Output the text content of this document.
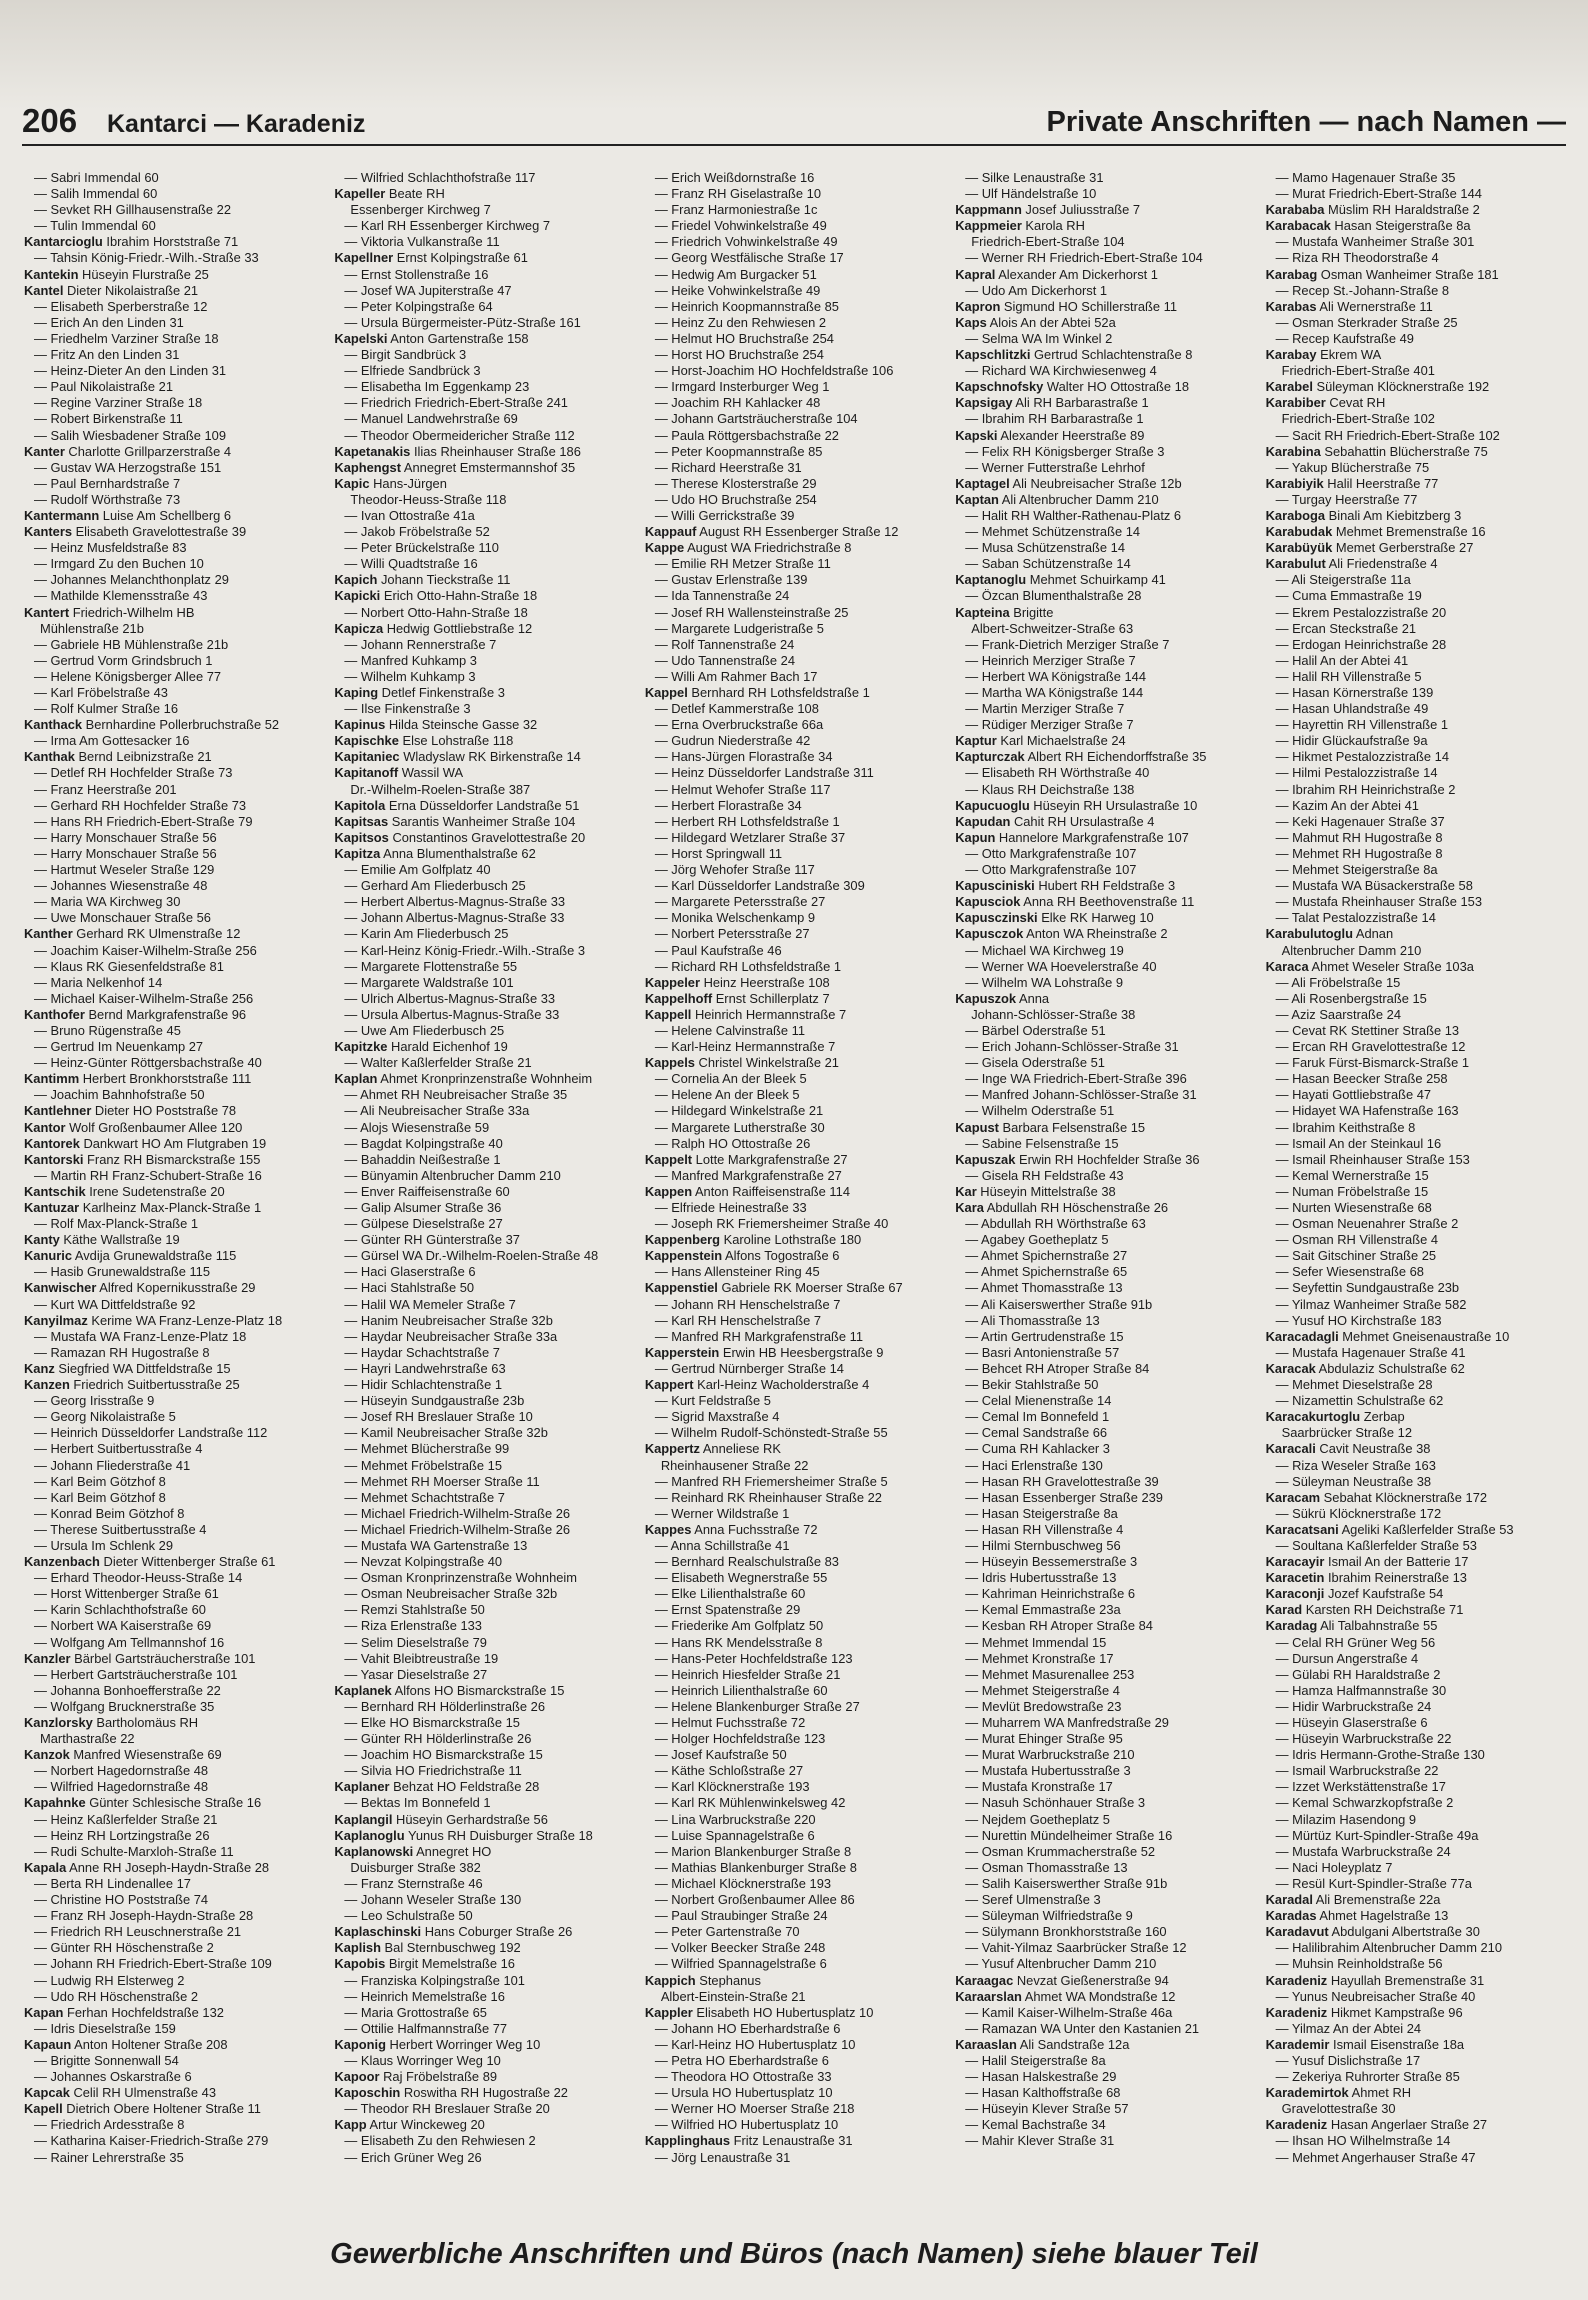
206 Kantarci — Karadeniz	Private Anschriften — nach Namen —
— Sabri Immendal 60
— Salih Immendal 60
— Sevket RH Gillhausenstraße 22
— Tulin Immendal 60
Kantarcioglu Ibrahim Horststraße 71
— Tahsin König-Friedr.-Wilh.-Straße 33
Kantekin Hüseyin Flurstraße 25
Kantel Dieter Nikolaistraße 21
— Elisabeth Sperberstraße 12
— Erich An den Linden 31
— Friedhelm Varziner Straße 18
— Fritz An den Linden 31
— Heinz-Dieter An den Linden 31
— Paul Nikolaistraße 21
— Regine Varziner Straße 18
— Robert Birkenstraße 11
— Salih Wiesbadener Straße 109
Kanter Charlotte Grillparzerstraße 4
— Gustav WA Herzogstraße 151
— Paul Bernhardstraße 7
— Rudolf Wörthstraße 73
Kantermann Luise Am Schellberg 6
Kanters Elisabeth Gravelottestraße 39
— Heinz Musfeldstraße 83
— Irmgard Zu den Buchen 10
— Johannes Melanchthonplatz 29
— Mathilde Klemensstraße 43
Kantert Friedrich-Wilhelm HB
Mühlenstraße 21b
— Gabriele HB Mühlenstraße 21b
— Gertrud Vorm Grindsbruch 1
— Helene Königsberger Allee 77
— Karl Fröbelstraße 43
— Rolf Kulmer Straße 16
Kanthack Bernhardine Pollerbruchstraße 52
— Irma Am Gottesacker 16
Kanthak Bernd Leibnizstraße 21
— Detlef RH Hochfelder Straße 73
— Franz Heerstraße 201
— Gerhard RH Hochfelder Straße 73
— Hans RH Friedrich-Ebert-Straße 79
— Harry Monschauer Straße 56
— Harry Monschauer Straße 56
— Hartmut Weseler Straße 129
— Johannes Wiesenstraße 48
— Maria WA Kirchweg 30
— Uwe Monschauer Straße 56
Kanther Gerhard RK Ulmenstraße 12
— Joachim Kaiser-Wilhelm-Straße 256
— Klaus RK Giesenfeldstraße 81
— Maria Nelkenhof 14
— Michael Kaiser-Wilhelm-Straße 256
Kanthofer Bernd Markgrafenstraße 96
— Bruno Rügenstraße 45
— Gertrud Im Neuenkamp 27
— Heinz-Günter Röttgersbachstraße 40
Kantimm Herbert Bronkhorststraße 111
— Joachim Bahnhofstraße 50
Kantlehner Dieter HO Poststraße 78
Kantor Wolf Großenbaumer Allee 120
Kantorek Dankwart HO Am Flutgraben 19
Kantorski Franz RH Bismarckstraße 155
— Martin RH Franz-Schubert-Straße 16
Kantschik Irene Sudetenstraße 20
Kantuzar Karlheinz Max-Planck-Straße 1
— Rolf Max-Planck-Straße 1
Kanty Käthe Wallstraße 19
Kanuric Avdija Grunewaldstraße 115
— Hasib Grunewaldstraße 115
Kanwischer Alfred Kopernikusstraße 29
— Kurt WA Dittfeldstraße 92
Kanyilmaz Kerime WA Franz-Lenze-Platz 18
— Mustafa WA Franz-Lenze-Platz 18
— Ramazan RH Hugostraße 8
Kanz Siegfried WA Dittfeldstraße 15
Kanzen Friedrich Suitbertusstraße 25
— Georg Irisstraße 9
— Georg Nikolaistraße 5
— Heinrich Düsseldorfer Landstraße 112
— Herbert Suitbertusstraße 4
— Johann Fliederstraße 41
— Karl Beim Götzhof 8
— Karl Beim Götzhof 8
— Konrad Beim Götzhof 8
— Therese Suitbertusstraße 4
— Ursula Im Schlenk 29
Kanzenbach Dieter Wittenberger Straße 61
— Erhard Theodor-Heuss-Straße 14
— Horst Wittenberger Straße 61
— Karin Schlachthofstraße 60
— Norbert WA Kaiserstraße 69
— Wolfgang Am Tellmannshof 16
Kanzler Bärbel Gartsträucherstraße 101
— Herbert Gartsträucherstraße 101
— Johanna Bonhoefferstraße 22
— Wolfgang Brucknerstraße 35
Kanzlorsky Bartholomäus RH
Marthastraße 22
Kanzok Manfred Wiesenstraße 69
— Norbert Hagedornstraße 48
— Wilfried Hagedornstraße 48
Kapahnke Günter Schlesische Straße 16
— Heinz Kaßlerfelder Straße 21
— Heinz RH Lortzingstraße 26
— Rudi Schulte-Marxloh-Straße 11
Kapala Anne RH Joseph-Haydn-Straße 28
— Berta RH Lindenallee 17
— Christine HO Poststraße 74
— Franz RH Joseph-Haydn-Straße 28
— Friedrich RH Leuschnerstraße 21
— Günter RH Höschenstraße 2
— Johann RH Friedrich-Ebert-Straße 109
— Ludwig RH Elsterweg 2
— Udo RH Höschenstraße 2
Kapan Ferhan Hochfeldstraße 132
— Idris Dieselstraße 159
Kapaun Anton Holtener Straße 208
— Brigitte Sonnenwall 54
— Johannes Oskarstraße 6
Kapcak Celil RH Ulmenstraße 43
Kapell Dietrich Obere Holtener Straße 11
— Friedrich Ardesstraße 8
— Katharina Kaiser-Friedrich-Straße 279
— Rainer Lehrerstraße 35
— Wilfried Schlachthofstraße 117
Kapeller Beate RH
Essenberger Kirchweg 7
— Karl RH Essenberger Kirchweg 7
— Viktoria Vulkanstraße 11
Kapellner Ernst Kolpingstraße 61
— Ernst Stollenstraße 16
— Josef WA Jupiterstraße 47
— Peter Kolpingstraße 64
— Ursula Bürgermeister-Pütz-Straße 161
Kapelski Anton Gartenstraße 158
— Birgit Sandbrück 3
— Elfriede Sandbrück 3
— Elisabetha Im Eggenkamp 23
— Friedrich Friedrich-Ebert-Straße 241
— Manuel Landwehrstraße 69
— Theodor Obermeidericher Straße 112
Kapetanakis Ilias Rheinhauser Straße 186
Kaphengst Annegret Emstermannshof 35
Kapic Hans-Jürgen
Theodor-Heuss-Straße 118
— Ivan Ottostraße 41a
— Jakob Fröbelstraße 52
— Peter Brückelstraße 110
— Willi Quadtstraße 16
Kapich Johann Tieckstraße 11
Kapicki Erich Otto-Hahn-Straße 18
— Norbert Otto-Hahn-Straße 18
Kapicza Hedwig Gottliebstraße 12
— Johann Rennerstraße 7
— Manfred Kuhkamp 3
— Wilhelm Kuhkamp 3
Kaping Detlef Finkenstraße 3
— Ilse Finkenstraße 3
Kapinus Hilda Steinsche Gasse 32
Kapischke Else Lohstraße 118
Kapitaniec Wladyslaw RK Birkenstraße 14
Kapitanoff Wassil WA
Dr.-Wilhelm-Roelen-Straße 387
Kapitola Erna Düsseldorfer Landstraße 51
Kapitsas Sarantis Wanheimer Straße 104
Kapitsos Constantinos Gravelottestraße 20
Kapitza Anna Blumenthalstraße 62
— Emilie Am Golfplatz 40
— Gerhard Am Fliederbusch 25
— Herbert Albertus-Magnus-Straße 33
— Johann Albertus-Magnus-Straße 33
— Karin Am Fliederbusch 25
— Karl-Heinz König-Friedr.-Wilh.-Straße 3
— Margarete Flottenstraße 55
— Margarete Waldstraße 101
— Ulrich Albertus-Magnus-Straße 33
— Ursula Albertus-Magnus-Straße 33
— Uwe Am Fliederbusch 25
Kapitzke Harald Eichenhof 19
— Walter Kaßlerfelder Straße 21
Kaplan Ahmet Kronprinzenstraße Wohnheim
— Ahmet RH Neubreisacher Straße 35
— Ali Neubreisacher Straße 33a
— Alojs Wiesenstraße 59
— Bagdat Kolpingstraße 40
— Bahaddin Neißestraße 1
— Bünyamin Altenbrucher Damm 210
— Enver Raiffeisenstraße 60
— Galip Alsumer Straße 36
— Gülpese Dieselstraße 27
— Günter RH Günterstraße 37
— Gürsel WA Dr.-Wilhelm-Roelen-Straße 48
— Haci Glaserstraße 6
— Haci Stahlstraße 50
— Halil WA Memeler Straße 7
— Hanim Neubreisacher Straße 32b
— Haydar Neubreisacher Straße 33a
— Haydar Schachtstraße 7
— Hayri Landwehrstraße 63
— Hidir Schlachtenstraße 1
— Hüseyin Sundgaustraße 23b
— Josef RH Breslauer Straße 10
— Kamil Neubreisacher Straße 32b
— Mehmet Blücherstraße 99
— Mehmet Fröbelstraße 15
— Mehmet RH Moerser Straße 11
— Mehmet Schachtstraße 7
— Michael Friedrich-Wilhelm-Straße 26
— Michael Friedrich-Wilhelm-Straße 26
— Mustafa WA Gartenstraße 13
— Nevzat Kolpingstraße 40
— Osman Kronprinzenstraße Wohnheim
— Osman Neubreisacher Straße 32b
— Remzi Stahlstraße 50
— Riza Erlenstraße 133
— Selim Dieselstraße 79
— Vahit Bleibtreustraße 19
— Yasar Dieselstraße 27
Kaplanek Alfons HO Bismarckstraße 15
— Bernhard RH Hölderlinstraße 26
— Elke HO Bismarckstraße 15
— Günter RH Hölderlinstraße 26
— Joachim HO Bismarckstraße 15
— Silvia HO Friedrichstraße 11
Kaplaner Behzat HO Feldstraße 28
— Bektas Im Bonnefeld 1
Kaplangil Hüseyin Gerhardstraße 56
Kaplanoglu Yunus RH Duisburger Straße 18
Kaplanowski Annegret HO
Duisburger Straße 382
— Franz Sternstraße 46
— Johann Weseler Straße 130
— Leo Schulstraße 50
Kaplaschinski Hans Coburger Straße 26
Kaplish Bal Sternbuschweg 192
Kapobis Birgit Memelstraße 16
— Franziska Kolpingstraße 101
— Heinrich Memelstraße 16
— Maria Grottostraße 65
— Ottilie Halfmannstraße 77
Kaponig Herbert Worringer Weg 10
— Klaus Worringer Weg 10
Kapoor Raj Fröbelstraße 89
Kaposchin Roswitha RH Hugostraße 22
— Theodor RH Breslauer Straße 20
Kapp Artur Winckeweg 20
— Elisabeth Zu den Rehwiesen 2
— Erich Grüner Weg 26
— Erich Weißdornstraße 16
— Franz RH Giselastraße 10
— Franz Harmoniestraße 1c
— Friedel Vohwinkelstraße 49
— Friedrich Vohwinkelstraße 49
— Georg Westfälische Straße 17
— Hedwig Am Burgacker 51
— Heike Vohwinkelstraße 49
— Heinrich Koopmannstraße 85
— Heinz Zu den Rehwiesen 2
— Helmut HO Bruchstraße 254
— Horst HO Bruchstraße 254
— Horst-Joachim HO Hochfeldstraße 106
— Irmgard Insterburger Weg 1
— Joachim RH Kahlacker 48
— Johann Gartsträucherstraße 104
— Paula Röttgersbachstraße 22
— Peter Koopmannstraße 85
— Richard Heerstraße 31
— Therese Klosterstraße 29
— Udo HO Bruchstraße 254
— Willi Gerrickstraße 39
Kappauf August RH Essenberger Straße 12
Kappe August WA Friedrichstraße 8
— Emilie RH Metzer Straße 11
— Gustav Erlenstraße 139
— Ida Tannenstraße 24
— Josef RH Wallensteinstraße 25
— Margarete Ludgeristraße 5
— Rolf Tannenstraße 24
— Udo Tannenstraße 24
— Willi Am Rahmer Bach 17
Kappel Bernhard RH Lothsfeldstraße 1
— Detlef Kammerstraße 108
— Erna Overbruckstraße 66a
— Gudrun Niederstraße 42
— Hans-Jürgen Florastraße 34
— Heinz Düsseldorfer Landstraße 311
— Helmut Wehofer Straße 117
— Herbert Florastraße 34
— Herbert RH Lothsfeldstraße 1
— Hildegard Wetzlarer Straße 37
— Horst Springwall 11
— Jörg Wehofer Straße 117
— Karl Düsseldorfer Landstraße 309
— Margarete Petersstraße 27
— Monika Welschenkamp 9
— Norbert Petersstraße 27
— Paul Kaufstraße 46
— Richard RH Lothsfeldstraße 1
Kappeler Heinz Heerstraße 108
Kappelhoff Ernst Schillerplatz 7
Kappell Heinrich Hermannstraße 7
— Helene Calvinstraße 11
— Karl-Heinz Hermannstraße 7
Kappels Christel Winkelstraße 21
— Cornelia An der Bleek 5
— Helene An der Bleek 5
— Hildegard Winkelstraße 21
— Margarete Lutherstraße 30
— Ralph HO Ottostraße 26
Kappelt Lotte Markgrafenstraße 27
— Manfred Markgrafenstraße 27
Kappen Anton Raiffeisenstraße 114
— Elfriede Heinestraße 33
— Joseph RK Friemersheimer Straße 40
Kappenberg Karoline Lothstraße 180
Kappenstein Alfons Togostraße 6
— Hans Allensteiner Ring 45
Kappenstiel Gabriele RK Moerser Straße 67
— Johann RH Henschelstraße 7
— Karl RH Henschelstraße 7
— Manfred RH Markgrafenstraße 11
Kapperstein Erwin HB Heesbergstraße 9
— Gertrud Nürnberger Straße 14
Kappert Karl-Heinz Wacholderstraße 4
— Kurt Feldstraße 5
— Sigrid Maxstraße 4
— Wilhelm Rudolf-Schönstedt-Straße 55
Kappertz Anneliese RK
Rheinhausener Straße 22
— Manfred RH Friemersheimer Straße 5
— Reinhard RK Rheinhauser Straße 22
— Werner Wildstraße 1
Kappes Anna Fuchsstraße 72
— Anna Schillstraße 41
— Bernhard Realschulstraße 83
— Elisabeth Wegnerstraße 55
— Elke Lilienthalstraße 60
— Ernst Spatenstraße 29
— Friederike Am Golfplatz 50
— Hans RK Mendelsstraße 8
— Hans-Peter Hochfeldstraße 123
— Heinrich Hiesfelder Straße 21
— Heinrich Lilienthalstraße 60
— Helene Blankenburger Straße 27
— Helmut Fuchsstraße 72
— Holger Hochfeldstraße 123
— Josef Kaufstraße 50
— Käthe Schloßstraße 27
— Karl Klöcknerstraße 193
— Karl RK Mühlenwinkelsweg 42
— Lina Warbruckstraße 220
— Luise Spannagelstraße 6
— Marion Blankenburger Straße 8
— Mathias Blankenburger Straße 8
— Michael Klöcknerstraße 193
— Norbert Großenbaumer Allee 86
— Paul Straubinger Straße 24
— Peter Gartenstraße 70
— Volker Beecker Straße 248
— Wilfried Spannagelstraße 6
Kappich Stephanus
Albert-Einstein-Straße 21
Kappler Elisabeth HO Hubertusplatz 10
— Johann HO Eberhardstraße 6
— Karl-Heinz HO Hubertusplatz 10
— Petra HO Eberhardstraße 6
— Theodora HO Ottostraße 33
— Ursula HO Hubertusplatz 10
— Werner HO Moerser Straße 218
— Wilfried HO Hubertusplatz 10
Kapplinghaus Fritz Lenaustraße 31
— Jörg Lenaustraße 31
— Silke Lenaustraße 31
— Ulf Händelstraße 10
Kappmann Josef Juliusstraße 7
Kappmeier Karola RH
Friedrich-Ebert-Straße 104
— Werner RH Friedrich-Ebert-Straße 104
Kapral Alexander Am Dickerhorst 1
— Udo Am Dickerhorst 1
Kapron Sigmund HO Schillerstraße 11
Kaps Alois An der Abtei 52a
— Selma WA Im Winkel 2
Kapschlitzki Gertrud Schlachtenstraße 8
— Richard WA Kirchwiesenweg 4
Kapschnofsky Walter HO Ottostraße 18
Kapsigay Ali RH Barbarastraße 1
— Ibrahim RH Barbarastraße 1
Kapski Alexander Heerstraße 89
— Felix RH Königsberger Straße 3
— Werner Futterstraße Lehrhof
Kaptagel Ali Neubreisacher Straße 12b
Kaptan Ali Altenbrucher Damm 210
— Halit RH Walther-Rathenau-Platz 6
— Mehmet Schützenstraße 14
— Musa Schützenstraße 14
— Saban Schützenstraße 14
Kaptanoglu Mehmet Schuirkamp 41
— Özcan Blumenthalstraße 28
Kapteina Brigitte
Albert-Schweitzer-Straße 63
— Frank-Dietrich Merziger Straße 7
— Heinrich Merziger Straße 7
— Herbert WA Königstraße 144
— Martha WA Königstraße 144
— Martin Merziger Straße 7
— Rüdiger Merziger Straße 7
Kaptur Karl Michaelstraße 24
Kapturczak Albert RH Eichendorffstraße 35
— Elisabeth RH Wörthstraße 40
— Klaus RH Deichstraße 138
Kapucuoglu Hüseyin RH Ursulastraße 10
Kapudan Cahit RH Ursulastraße 4
Kapun Hannelore Markgrafenstraße 107
— Otto Markgrafenstraße 107
— Otto Markgrafenstraße 107
Kapusciniski Hubert RH Feldstraße 3
Kapusciok Anna RH Beethovenstraße 11
Kapusczinski Elke RK Harweg 10
Kapusczok Anton WA Rheinstraße 2
— Michael WA Kirchweg 19
— Werner WA Hoevelerstraße 40
— Wilhelm WA Lohstraße 9
Kapuszok Anna
Johann-Schlösser-Straße 38
— Bärbel Oderstraße 51
— Erich Johann-Schlösser-Straße 31
— Gisela Oderstraße 51
— Inge WA Friedrich-Ebert-Straße 396
— Manfred Johann-Schlösser-Straße 31
— Wilhelm Oderstraße 51
Kapust Barbara Felsenstraße 15
— Sabine Felsenstraße 15
Kapuszak Erwin RH Hochfelder Straße 36
— Gisela RH Feldstraße 43
Kar Hüseyin Mittelstraße 38
Kara Abdullah RH Höschenstraße 26
— Abdullah RH Wörthstraße 63
— Agabey Goetheplatz 5
— Ahmet Spichernstraße 27
— Ahmet Spichernstraße 65
— Ahmet Thomasstraße 13
— Ali Kaiserswerther Straße 91b
— Ali Thomasstraße 13
— Artin Gertrudenstraße 15
— Basri Antonienstraße 57
— Behcet RH Atroper Straße 84
— Bekir Stahlstraße 50
— Celal Mienenstraße 14
— Cemal Im Bonnefeld 1
— Cemal Sandstraße 66
— Cuma RH Kahlacker 3
— Haci Erlenstraße 130
— Hasan RH Gravelottestraße 39
— Hasan Essenberger Straße 239
— Hasan Steigerstraße 8a
— Hasan RH Villenstraße 4
— Hilmi Sternbuschweg 56
— Hüseyin Bessemerstraße 3
— Idris Hubertusstraße 13
— Kahriman Heinrichstraße 6
— Kemal Emmastraße 23a
— Kesban RH Atroper Straße 84
— Mehmet Immendal 15
— Mehmet Kronstraße 17
— Mehmet Masurenallee 253
— Mehmet Steigerstraße 4
— Mevlüt Bredowstraße 23
— Muharrem WA Manfredstraße 29
— Murat Ehinger Straße 95
— Murat Warbruckstraße 210
— Mustafa Hubertusstraße 3
— Mustafa Kronstraße 17
— Nasuh Schönhauer Straße 3
— Nejdem Goetheplatz 5
— Nurettin Mündelheimer Straße 16
— Osman Krummacherstraße 52
— Osman Thomasstraße 13
— Salih Kaiserswerther Straße 91b
— Seref Ulmenstraße 3
— Süleyman Wilfriedstraße 9
— Sülymann Bronkhorststraße 160
— Vahit-Yilmaz Saarbrücker Straße 12
— Yusuf Altenbrucher Damm 210
Karaagac Nevzat Gießenerstraße 94
Karaarslan Ahmet WA Mondstraße 12
— Kamil Kaiser-Wilhelm-Straße 46a
— Ramazan WA Unter den Kastanien 21
Karaaslan Ali Sandstraße 12a
— Halil Steigerstraße 8a
— Hasan Halskestraße 29
— Hasan Kalthoffstraße 68
— Hüseyin Klever Straße 57
— Kemal Bachstraße 34
— Mahir Klever Straße 31
— Mamo Hagenauer Straße 35
— Murat Friedrich-Ebert-Straße 144
Karababa Müslim RH Haraldstraße 2
Karabacak Hasan Steigerstraße 8a
— Mustafa Wanheimer Straße 301
— Riza RH Theodorstraße 4
Karabag Osman Wanheimer Straße 181
— Recep St.-Johann-Straße 8
Karabas Ali Wernerstraße 11
— Osman Sterkrader Straße 25
— Recep Kaufstraße 49
Karabay Ekrem WA
Friedrich-Ebert-Straße 401
Karabel Süleyman Klöcknerstraße 192
Karabiber Cevat RH
Friedrich-Ebert-Straße 102
— Sacit RH Friedrich-Ebert-Straße 102
Karabina Sebahattin Blücherstraße 75
— Yakup Blücherstraße 75
Karabiyik Halil Heerstraße 77
— Turgay Heerstraße 77
Karaboga Binali Am Kiebitzberg 3
Karabudak Mehmet Bremenstraße 16
Karabüyük Memet Gerberstraße 27
Karabulut Ali Friedenstraße 4
— Ali Steigerstraße 11a
— Cuma Emmastraße 19
— Ekrem Pestalozzistraße 20
— Ercan Steckstraße 21
— Erdogan Heinrichstraße 28
— Halil An der Abtei 41
— Halil RH Villenstraße 5
— Hasan Körnerstraße 139
— Hasan Uhlandstraße 49
— Hayrettin RH Villenstraße 1
— Hidir Glückaufstraße 9a
— Hikmet Pestalozzistraße 14
— Hilmi Pestalozzistraße 14
— Ibrahim RH Heinrichstraße 2
— Kazim An der Abtei 41
— Keki Hagenauer Straße 37
— Mahmut RH Hugostraße 8
— Mehmet RH Hugostraße 8
— Mehmet Steigerstraße 8a
— Mustafa WA Büsackerstraße 58
— Mustafa Rheinhauser Straße 153
— Talat Pestalozzistraße 14
Karabulutoglu Adnan
Altenbrucher Damm 210
Karaca Ahmet Weseler Straße 103a
— Ali Fröbelstraße 15
— Ali Rosenbergstraße 15
— Aziz Saarstraße 24
— Cevat RK Stettiner Straße 13
— Ercan RH Gravelottestraße 12
— Faruk Fürst-Bismarck-Straße 1
— Hasan Beecker Straße 258
— Hayati Gottliebstraße 47
— Hidayet WA Hafenstraße 163
— Ibrahim Keithstraße 8
— Ismail An der Steinkaul 16
— Ismail Rheinhauser Straße 153
— Kemal Wernerstraße 15
— Numan Fröbelstraße 15
— Nurten Wiesenstraße 68
— Osman Neuenahrer Straße 2
— Osman RH Villenstraße 4
— Sait Gitschiner Straße 25
— Sefer Wiesenstraße 68
— Seyfettin Sundgaustraße 23b
— Yilmaz Wanheimer Straße 582
— Yusuf HO Kirchstraße 183
Karacadagli Mehmet Gneisenaustraße 10
— Mustafa Hagenauer Straße 41
Karacak Abdulaziz Schulstraße 62
— Mehmet Dieselstraße 28
— Nizamettin Schulstraße 62
Karacakurtoglu Zerbap
Saarbrücker Straße 12
Karacali Cavit Neustraße 38
— Riza Weseler Straße 163
— Süleyman Neustraße 38
Karacam Sebahat Klöcknerstraße 172
— Sükrü Klöcknerstraße 172
Karacatsani Ageliki Kaßlerfelder Straße 53
— Soultana Kaßlerfelder Straße 53
Karacayir Ismail An der Batterie 17
Karacetin Ibrahim Reinerstraße 13
Karaconji Jozef Kaufstraße 54
Karad Karsten RH Deichstraße 71
Karadag Ali Talbahnstraße 55
— Celal RH Grüner Weg 56
— Dursun Angerstraße 4
— Gülabi RH Haraldstraße 2
— Hamza Halfmannstraße 30
— Hidir Warbruckstraße 24
— Hüseyin Glaserstraße 6
— Hüseyin Warbruckstraße 22
— Idris Hermann-Grothe-Straße 130
— Ismail Warbruckstraße 22
— Izzet Werkstättenstraße 17
— Kemal Schwarzkopfstraße 2
— Milazim Hasendong 9
— Mürtüz Kurt-Spindler-Straße 49a
— Mustafa Warbruckstraße 24
— Naci Holeyplatz 7
— Resül Kurt-Spindler-Straße 77a
Karadal Ali Bremenstraße 22a
Karadas Ahmet Hagelstraße 13
Karadavut Abdulgani Albertstraße 30
— Halilibrahim Altenbrucher Damm 210
— Muhsin Reinholdstraße 56
Karadeniz Hayullah Bremenstraße 31
— Yunus Neubreisacher Straße 40
Karadeniz Hikmet Kampstraße 96
— Yilmaz An der Abtei 24
Karademir Ismail Eisenstraße 18a
— Yusuf Dislichstraße 17
— Zekeriya Ruhrorter Straße 85
Karademirtok Ahmet RH
Gravelottestraße 30
Karadeniz Hasan Angerlaer Straße 27
— Ihsan HO Wilhelmstraße 14
— Mehmet Angerhauser Straße 47
Gewerbliche Anschriften und Büros (nach Namen) siehe blauer Teil
